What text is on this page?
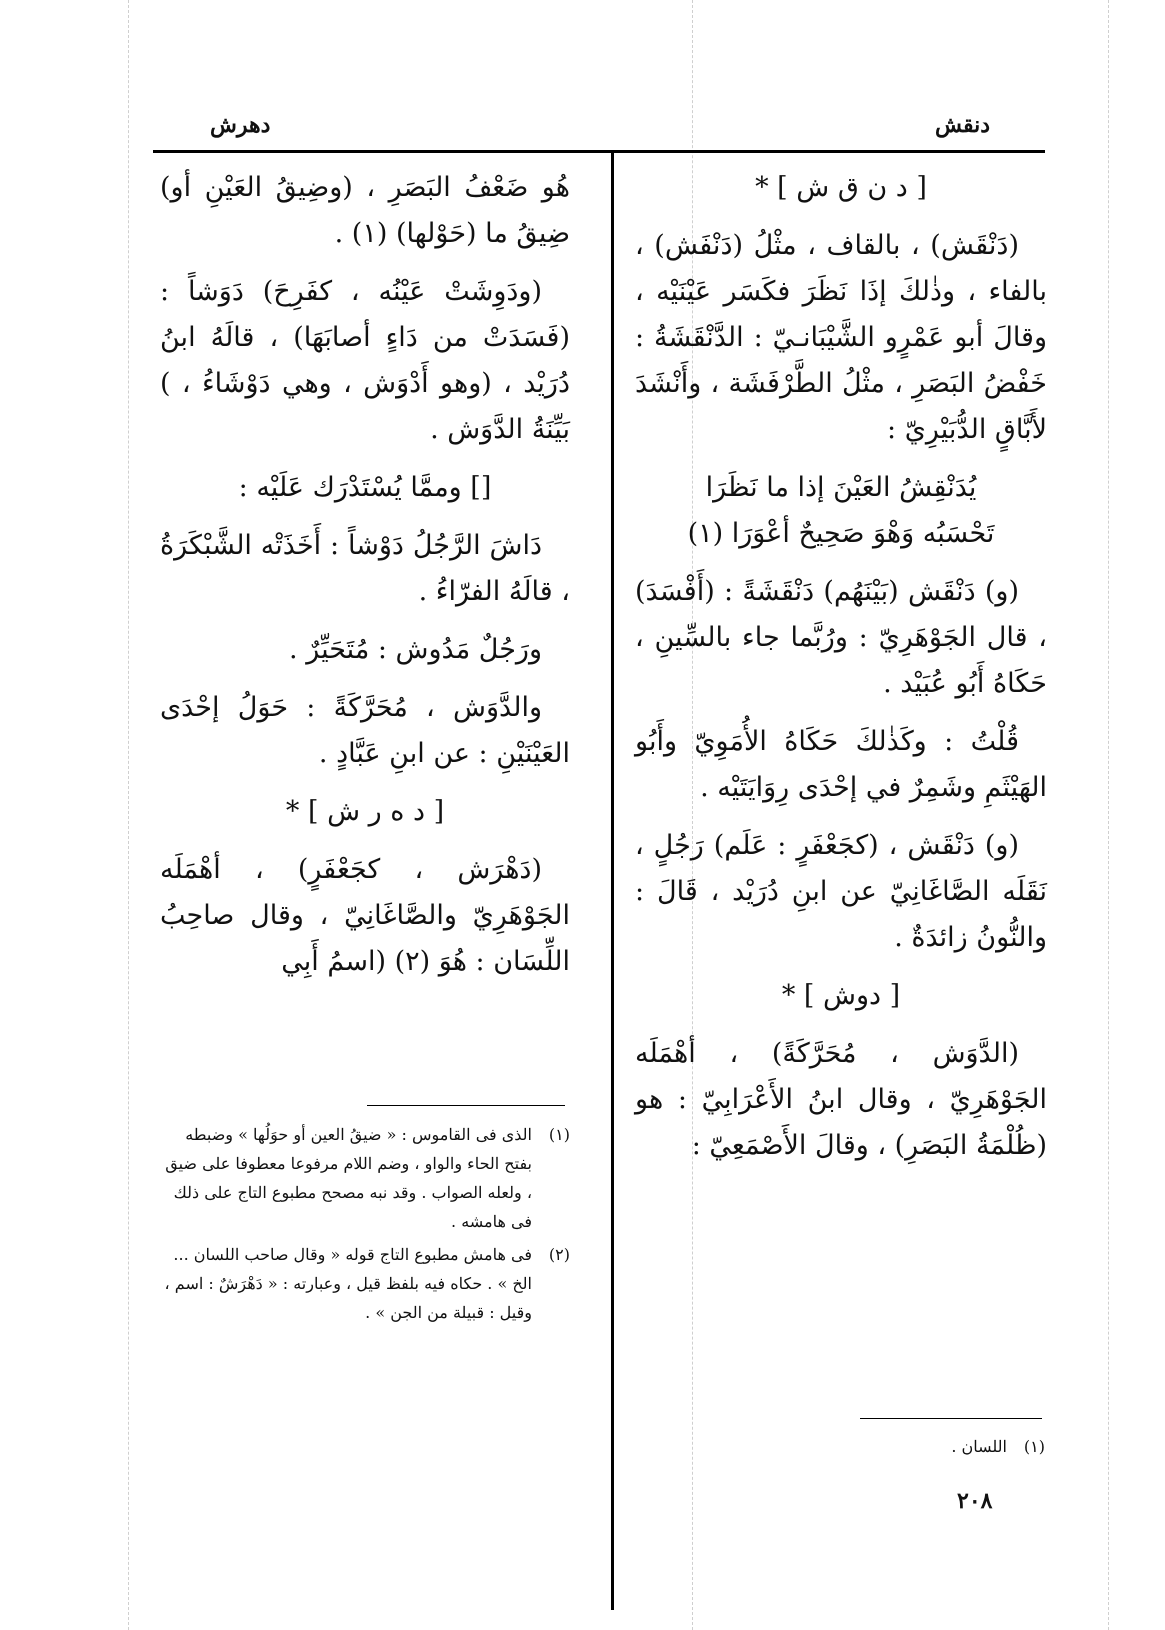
دنقش
دهرش

[ د ن ق ش ] *

(دَنْقَش) ، بالقاف ، مثْلُ (دَنْفَش) ، بالفاء ، وذٰلكَ إذَا نَظَرَ فكَسَر عَيْنَيْه ، وقالَ أبو عَمْرٍو الشَّيْبَانـيّ : الدَّنْقَشَةُ : خَفْضُ البَصَرِ ، مثْلُ الطَّرْفَشَة ، وأَنْشَدَ لأَبَّاقٍ الدُّبَيْرِيّ :

يُدَنْقِشُ العَيْنَ إذا ما نَظَرَا

تَحْسَبُه وَهْوَ صَحِيحٌ أعْوَرَا (١)

(و) دَنْقَش (بَيْنَهُم) دَنْقَشَةً : (أَفْسَدَ) ، قال الجَوْهَرِيّ : ورُبَّما جاء بالسِّينِ ، حَكَاهُ أَبُو عُبَيْد .

قُلْتُ : وكَذٰلكَ حَكَاهُ الأُمَوِيّ وأَبُو الهَيْثَمِ وشَمِرٌ في إحْدَى رِوَايَتَيْه .

(و) دَنْقَش ، (كجَعْفَرٍ : عَلَم) رَجُلٍ ، نَقَلَه الصَّاغَانِيّ عن ابنِ دُرَيْد ، قَالَ : والنُّونُ زائدَةٌ .

[ دوش ] *

(الدَّوَش ، مُحَرَّكَةً) ، أهْمَلَه الجَوْهَرِيّ ، وقال ابنُ الأَعْرَابِيّ : هو (ظُلْمَةُ البَصَرِ) ، وقالَ الأَصْمَعِيّ :

هُو ضَعْفُ البَصَرِ ، (وضِيقُ العَيْنِ أو) ضِيقُ ما (حَوْلها) (١) .

(ودَوِشَتْ عَيْنُه ، كفَرِحَ) دَوَشاً : (فَسَدَتْ من دَاءٍ أصابَهَا) ، قالَهُ ابنُ دُرَيْد ، (وهو أَدْوَش ، وهي دَوْشَاءُ ، ) بَيِّنَةُ الدَّوَش .

[] وممَّا يُسْتَدْرَك عَلَيْه :

دَاشَ الرَّجُلُ دَوْشاً : أَخَذَتْه الشَّبْكَرَةُ ، قالَهُ الفرّاءُ .

ورَجُلٌ مَدُوش : مُتَحَيِّرٌ .

والدَّوَش ، مُحَرَّكَةً : حَوَلُ إحْدَى العَيْنَيْنِ : عن ابنِ عَبَّادٍ .

[ د ه ر ش ] *

(دَهْرَش ، كجَعْفَرٍ) ، أهْمَلَه الجَوْهَرِيّ والصَّاغَانِيّ ، وقال صاحِبُ اللِّسَان : هُوَ (٢) (اسمُ أَبِي

(١)
الذى فى القاموس : « ضيقُ العين أو حوَلُها » وضبطه بفتح الحاء والواو ، وضم اللام مرفوعا معطوفا على ضيق ، ولعله الصواب . وقد نبه مصحح مطبوع التاج على ذلك فى هامشه .
(٢)
فى هامش مطبوع التاج قوله « وقال صاحب اللسان ... الخ » . حكاه فيه بلفظ قيل ، وعبارته : « دَهْرَشٌ : اسم ، وقيل : قبيلة من الجن » .
(١)
اللسان .
٢٠٨
